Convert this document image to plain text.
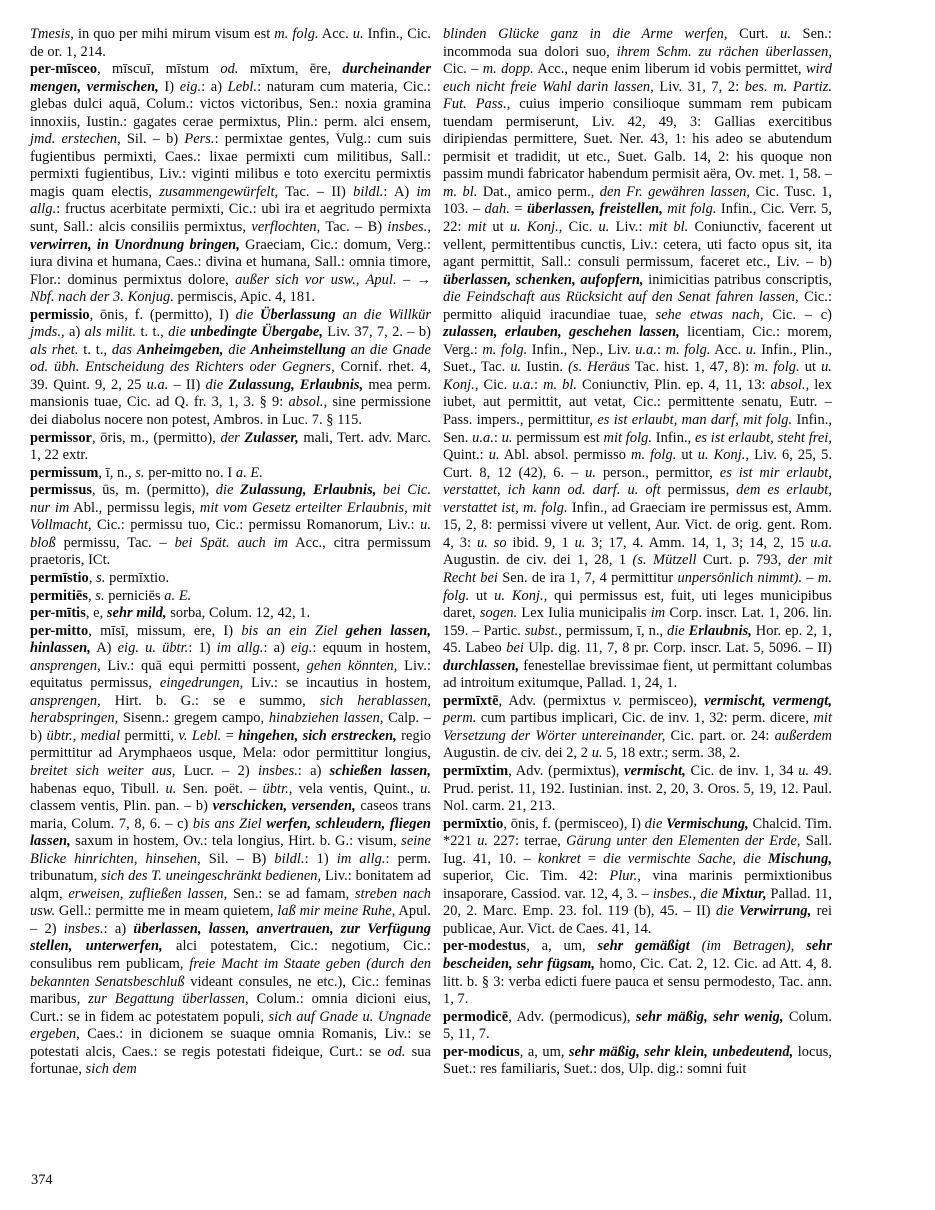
Tmesis, in quo per mihi mirum visum est m. folg. Acc. u. Infin., Cic. de or. 1, 214.

per-mīsceo, mīscuī, mīstum od. mīxtum, ēre, durcheinander mengen, vermischen, I) eig.: a) Lebl.: naturam cum materia, Cic.: glebas dulci aquā, Colum.: victos victoribus, Sen.: noxia gramina innoxiis, Iustin.: gagates cerae permixtus, Plin.: perm. alci ensem, jmd. erstechen, Sil. – b) Pers.: permixtae gentes, Vulg.: cum suis fugientibus permixti, Caes.: lixae permixti cum militibus, Sall.: permixti fugientibus, Liv.: viginti milibus e toto exercitu permixtis magis quam electis, zusammengewürfelt, Tac. – II) bildl.: A) im allg.: fructus acerbitate permixti, Cic.: ubi ira et aegritudo permixta sunt, Sall.: alcis consiliis permixtus, verflochten, Tac. – B) insbes., verwirren, in Unordnung bringen, Graeciam, Cic.: domum, Verg.: iura divina et humana, Caes.: divina et humana, Sall.: omnia timore, Flor.: dominus permixtus dolore, außer sich vor usw., Apul. – → Nbf. nach der 3. Konjug. permiscis, Apic. 4, 181.

permissio, ōnis, f. (permitto), I) die Überlassung an die Willkür jmds., a) als milit. t. t., die unbedingte Übergabe, Liv. 37, 7, 2. – b) als rhet. t. t., das Anheimgeben, die Anheimstellung an die Gnade od. übh. Entscheidung des Richters oder Gegners, Cornif. rhet. 4, 39. Quint. 9, 2, 25 u.a. – II) die Zulassung, Erlaubnis, mea perm. mansionis tuae, Cic. ad Q. fr. 3, 1, 3. § 9: absol., sine permissione dei diabolus nocere non potest, Ambros. in Luc. 7. § 115.

permissor, ōris, m., (permitto), der Zulasser, mali, Tert. adv. Marc. 1, 22 extr.

permissum, ī, n., s. per-mitto no. I a. E.

permissus, ūs, m. (permitto), die Zulassung, Erlaubnis, bei Cic. nur im Abl., permissu legis, mit vom Gesetz erteilter Erlaubnis, mit Vollmacht, Cic.: permissu tuo, Cic.: permissu Romanorum, Liv.: u. bloß permissu, Tac. – bei Spät. auch im Acc., citra permissum praetoris, ICt.

permīstio, s. permīxtio.

permitiēs, s. perniciēs a. E.

per-mītis, e, sehr mild, sorba, Colum. 12, 42, 1.

per-mitto, mīsī, missum, ere, I) bis an ein Ziel gehen lassen, hinlassen, A) eig. u. übtr.: 1) im allg.: a) eig.: equum in hostem, ansprengen, Liv.: quā equi permitti possent, gehen könnten, Liv.: equitatus permissus, eingedrungen, Liv.: se incautius in hostem, ansprengen, Hirt. b. G.: se e summo, sich herablassen, herabspringen, Sisenn.: gregem campo, hinabziehen lassen, Calp. – b) übtr., medial permitti, v. Lebl. = hingehen, sich erstrecken, regio permittitur ad Arymphaeos usque, Mela: odor permittitur longius, breitet sich weiter aus, Lucr. – 2) insbes.: a) schießen lassen, habenas equo, Tibull. u. Sen. poët. – übtr., vela ventis, Quint., u. classem ventis, Plin. pan. – b) verschicken, versenden, caseos trans maria, Colum. 7, 8, 6. – c) bis ans Ziel werfen, schleudern, fliegen lassen, saxum in hostem, Ov.: tela longius, Hirt. b. G.: visum, seine Blicke hinrichten, hinsehen, Sil. – B) bildl.: 1) im allg.: perm. tribunatum, sich des T. uneingeschränkt bedienen, Liv.: bonitatem ad alqm, erweisen, zufließen lassen, Sen.: se ad famam, streben nach usw. Gell.: permitte me in meam quietem, laß mir meine Ruhe, Apul. – 2) insbes.: a) überlassen, lassen, anvertrauen, zur Verfügung stellen, unterwerfen, alci potestatem, Cic.: negotium, Cic.: consulibus rem publicam, freie Macht im Staate geben (durch den bekannten Senatsbeschluß videant consules, ne etc.), Cic.: feminas maribus, zur Begattung überlassen, Colum.: omnia dicioni eius, Curt.: se in fidem ac potestatem populi, sich auf Gnade u. Ungnade ergeben, Caes.: in dicionem se suaque omnia Romanis, Liv.: se potestati alcis, Caes.: se regis potestati fideique, Curt.: se od. sua fortunae, sich dem

blinden Glücke ganz in die Arme werfen, Curt. u. Sen.: incommoda sua dolori suo, ihrem Schm. zu rächen überlassen, Cic. – m. dopp. Acc., neque enim liberum id vobis permittet, wird euch nicht freie Wahl darin lassen, Liv. 31, 7, 2: bes. m. Partiz. Fut. Pass., cuius imperio consilioque summam rem pubicam tuendam permiserunt, Liv. 42, 49, 3: Gallias exercitibus diripiendas permittere, Suet. Ner. 43, 1: his adeo se abutendum permisit et tradidit, ut etc., Suet. Galb. 14, 2: his quoque non passim mundi fabricator habendum permisit aëra, Ov. met. 1, 58. – m. bl. Dat., amico perm., den Fr. gewähren lassen, Cic. Tusc. 1, 103. – dah. = überlassen, freistellen, mit folg. Infin., Cic. Verr. 5, 22: mit ut u. Konj., Cic. u. Liv.: mit bl. Coniunctiv, facerent ut vellent, permittentibus cunctis, Liv.: cetera, uti facto opus sit, ita agant permittit, Sall.: consuli permissum, faceret etc., Liv. – b) überlassen, schenken, aufopfern, inimicitias patribus conscriptis, die Feindschaft aus Rücksicht auf den Senat fahren lassen, Cic.: permitto aliquid iracundiae tuae, sehe etwas nach, Cic. – c) zulassen, erlauben, geschehen lassen, licentiam, Cic.: morem, Verg.: m. folg. Infin., Nep., Liv. u.a.: m. folg. Acc. u. Infin., Plin., Suet., Tac. u. Iustin. (s. Heräus Tac. hist. 1, 47, 8): m. folg. ut u. Konj., Cic. u.a.: m. bl. Coniunctiv, Plin. ep. 4, 11, 13: absol., lex iubet, aut permittit, aut vetat, Cic.: permittente senatu, Eutr. – Pass. impers., permittitur, es ist erlaubt, man darf, mit folg. Infin., Sen. u.a.: u. permissum est mit folg. Infin., es ist erlaubt, steht frei, Quint.: u. Abl. absol. permisso m. folg. ut u. Konj., Liv. 6, 25, 5. Curt. 8, 12 (42), 6. – u. person., permittor, es ist mir erlaubt, verstattet, ich kann od. darf. u. oft permissus, dem es erlaubt, verstattet ist, m. folg. Infin., ad Graeciam ire permissus est, Amm. 15, 2, 8: permissi vivere ut vellent, Aur. Vict. de orig. gent. Rom. 4, 3: u. so ibid. 9, 1 u. 3; 17, 4. Amm. 14, 1, 3; 14, 2, 15 u.a. Augustin. de civ. dei 1, 28, 1 (s. Mützell Curt. p. 793, der mit Recht bei Sen. de ira 1, 7, 4 permittitur unpersönlich nimmt). – m. folg. ut u. Konj., qui permissus est, fuit, uti leges municipibus daret, sogen. Lex Iulia municipalis im Corp. inscr. Lat. 1, 206. lin. 159. – Partic. subst., permissum, ī, n., die Erlaubnis, Hor. ep. 2, 1, 45. Labeo bei Ulp. dig. 11, 7, 8 pr. Corp. inscr. Lat. 5, 5096. – II) durchlassen, fenestellae brevissimae fient, ut permittant columbas ad introitum exitumque, Pallad. 1, 24, 1.

permīxtē, Adv. (permixtus v. permisceo), vermischt, vermengt, perm. cum partibus implicari, Cic. de inv. 1, 32: perm. dicere, mit Versetzung der Wörter untereinander, Cic. part. or. 24: außerdem Augustin. de civ. dei 2, 2 u. 5, 18 extr.; serm. 38, 2.

permīxtim, Adv. (permixtus), vermischt, Cic. de inv. 1, 34 u. 49. Prud. perist. 11, 192. Iustinian. inst. 2, 20, 3. Oros. 5, 19, 12. Paul. Nol. carm. 21, 213.

permīxtio, ōnis, f. (permisceo), I) die Vermischung, Chalcid. Tim. *221 u. 227: terrae, Gärung unter den Elementen der Erde, Sall. Iug. 41, 10. – konkret = die vermischte Sache, die Mischung, superior, Cic. Tim. 42: Plur., vina marinis permixtionibus insaporare, Cassiod. var. 12, 4, 3. – insbes., die Mixtur, Pallad. 11, 20, 2. Marc. Emp. 23. fol. 119 (b), 45. – II) die Verwirrung, rei publicae, Aur. Vict. de Caes. 41, 14.

per-modestus, a, um, sehr gemäßigt (im Betragen), sehr bescheiden, sehr fügsam, homo, Cic. Cat. 2, 12. Cic. ad Att. 4, 8. litt. b. § 3: verba edicti fuere pauca et sensu permodesto, Tac. ann. 1, 7.

permodicē, Adv. (permodicus), sehr mäßig, sehr wenig, Colum. 5, 11, 7.

per-modicus, a, um, sehr mäßig, sehr klein, unbedeutend, locus, Suet.: res familiaris, Suet.: dos, Ulp. dig.: somni fuit

374
